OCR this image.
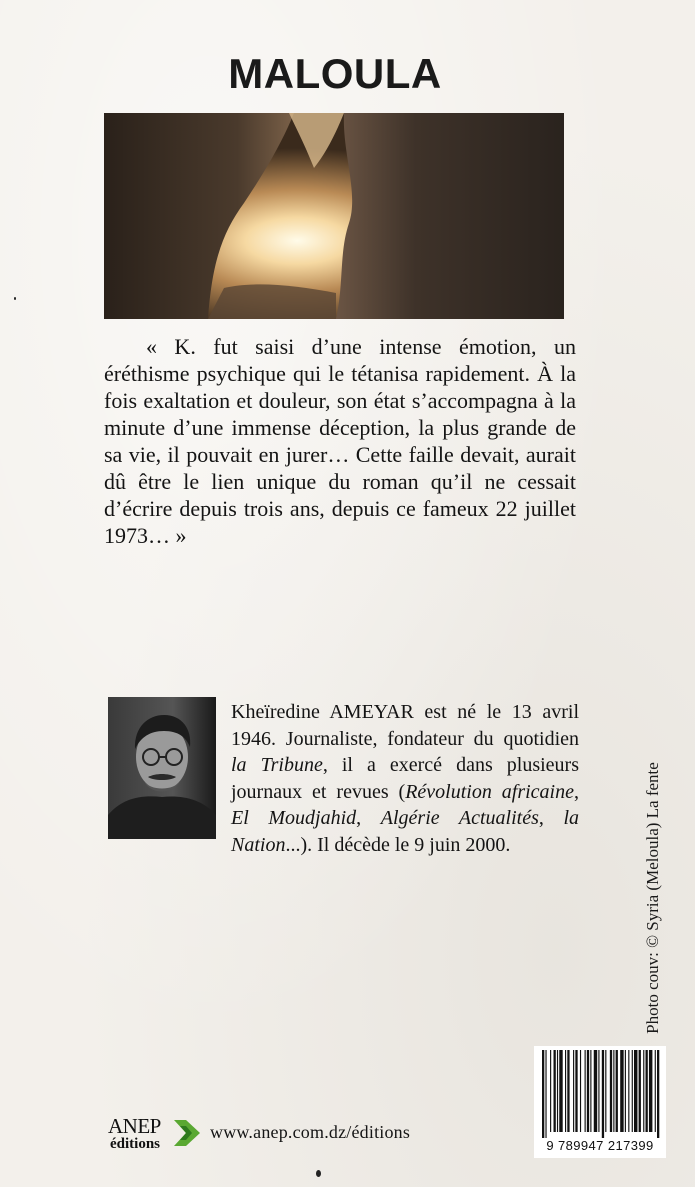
MALOULA

« K. fut saisi d’une intense émotion, un éréthisme psychique qui le tétanisa rapidement. À la fois exaltation et douleur, son état s’accompagna à la minute d’une immense déception, la plus grande de sa vie, il pouvait en jurer… Cette faille devait, aurait dû être le lien unique du roman qu’il ne cessait d’écrire depuis trois ans, depuis ce fameux 22 juillet 1973… »

Kheïredine AMEYAR est né le 13 avril 1946. Journaliste, fondateur du quotidien la Tribune, il a exercé dans plusieurs journaux et revues (Révolution africaine, El Moudjahid, Algérie Actualités, la Nation...). Il décède le 9 juin 2000.	Photo couv: © Syria (Meloula) La fente
9 789947 217399
ANEP
éditions
www.anep.com.dz/éditions
